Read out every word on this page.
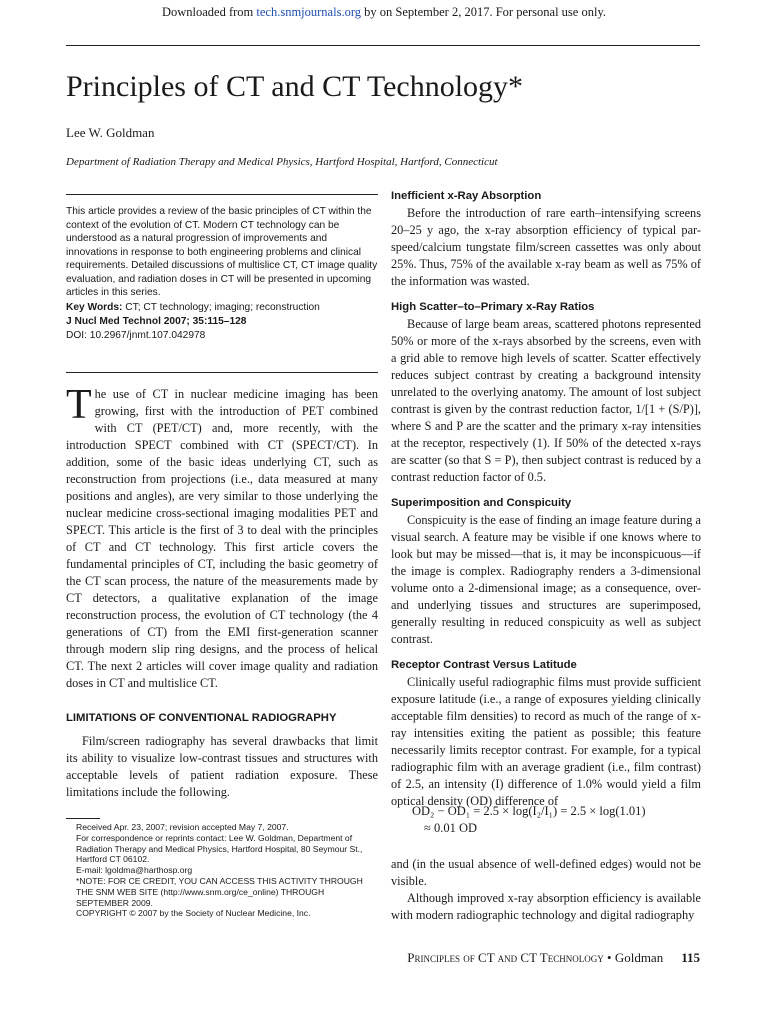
Downloaded from tech.snmjournals.org by on September 2, 2017. For personal use only.
Principles of CT and CT Technology*
Lee W. Goldman
Department of Radiation Therapy and Medical Physics, Hartford Hospital, Hartford, Connecticut

This article provides a review of the basic principles of CT within the context of the evolution of CT. Modern CT technology can be understood as a natural progression of improvements and innovations in response to both engineering problems and clinical requirements. Detailed discussions of multislice CT, CT image quality evaluation, and radiation doses in CT will be presented in upcoming articles in this series.

Key Words: CT; CT technology; imaging; reconstruction

J Nucl Med Technol 2007; 35:115–128

DOI: 10.2967/jnmt.107.042978

The use of CT in nuclear medicine imaging has been growing, first with the introduction of PET combined with CT (PET/CT) and, more recently, with the introduction SPECT combined with CT (SPECT/CT). In addition, some of the basic ideas underlying CT, such as reconstruction from projections (i.e., data measured at many positions and angles), are very similar to those underlying the nuclear medicine cross-sectional imaging modalities PET and SPECT. This article is the first of 3 to deal with the principles of CT and CT technology. This first article covers the fundamental principles of CT, including the basic geometry of the CT scan process, the nature of the measurements made by CT detectors, a qualitative explanation of the image reconstruction process, the evolution of CT technology (the 4 generations of CT) from the EMI first-generation scanner through modern slip ring designs, and the process of helical CT. The next 2 articles will cover image quality and radiation doses in CT and multislice CT.

LIMITATIONS OF CONVENTIONAL RADIOGRAPHY

Film/screen radiography has several drawbacks that limit its ability to visualize low-contrast tissues and structures with acceptable levels of patient radiation exposure. These limitations include the following.

Received Apr. 23, 2007; revision accepted May 7, 2007.

For correspondence or reprints contact: Lee W. Goldman, Department of Radiation Therapy and Medical Physics, Hartford Hospital, 80 Seymour St., Hartford CT 06102.

E-mail: lgoldma@harthosp.org

*NOTE: FOR CE CREDIT, YOU CAN ACCESS THIS ACTIVITY THROUGH THE SNM WEB SITE (http://www.snm.org/ce_online) THROUGH SEPTEMBER 2009.

COPYRIGHT © 2007 by the Society of Nuclear Medicine, Inc.

Inefficient x-Ray Absorption

Before the introduction of rare earth–intensifying screens 20–25 y ago, the x-ray absorption efficiency of typical par-speed/calcium tungstate film/screen cassettes was only about 25%. Thus, 75% of the available x-ray beam as well as 75% of the information was wasted.

High Scatter–to–Primary x-Ray Ratios

Because of large beam areas, scattered photons represented 50% or more of the x-rays absorbed by the screens, even with a grid able to remove high levels of scatter. Scatter effectively reduces subject contrast by creating a background intensity unrelated to the overlying anatomy. The amount of lost subject contrast is given by the contrast reduction factor, 1/[1 + (S/P)], where S and P are the scatter and the primary x-ray intensities at the receptor, respectively (1). If 50% of the detected x-rays are scatter (so that S = P), then subject contrast is reduced by a contrast reduction factor of 0.5.

Superimposition and Conspicuity

Conspicuity is the ease of finding an image feature during a visual search. A feature may be visible if one knows where to look but may be missed—that is, it may be inconspicuous—if the image is complex. Radiography renders a 3-dimensional volume onto a 2-dimensional image; as a consequence, over- and underlying tissues and structures are superimposed, generally resulting in reduced conspicuity as well as subject contrast.

Receptor Contrast Versus Latitude

Clinically useful radiographic films must provide sufficient exposure latitude (i.e., a range of exposures yielding clinically acceptable film densities) to record as much of the range of x-ray intensities exiting the patient as possible; this feature necessarily limits receptor contrast. For example, for a typical radiographic film with an average gradient (i.e., film contrast) of 2.5, an intensity (I) difference of 1.0% would yield a film optical density (OD) difference of

OD₂ − OD₁ = 2.5 × log(I₂/I₁) = 2.5 × log(1.01)
≈ 0.01 OD

and (in the usual absence of well-defined edges) would not be visible.

Although improved x-ray absorption efficiency is available with modern radiographic technology and digital radiography

Principles of CT and CT Technology • Goldman 115
